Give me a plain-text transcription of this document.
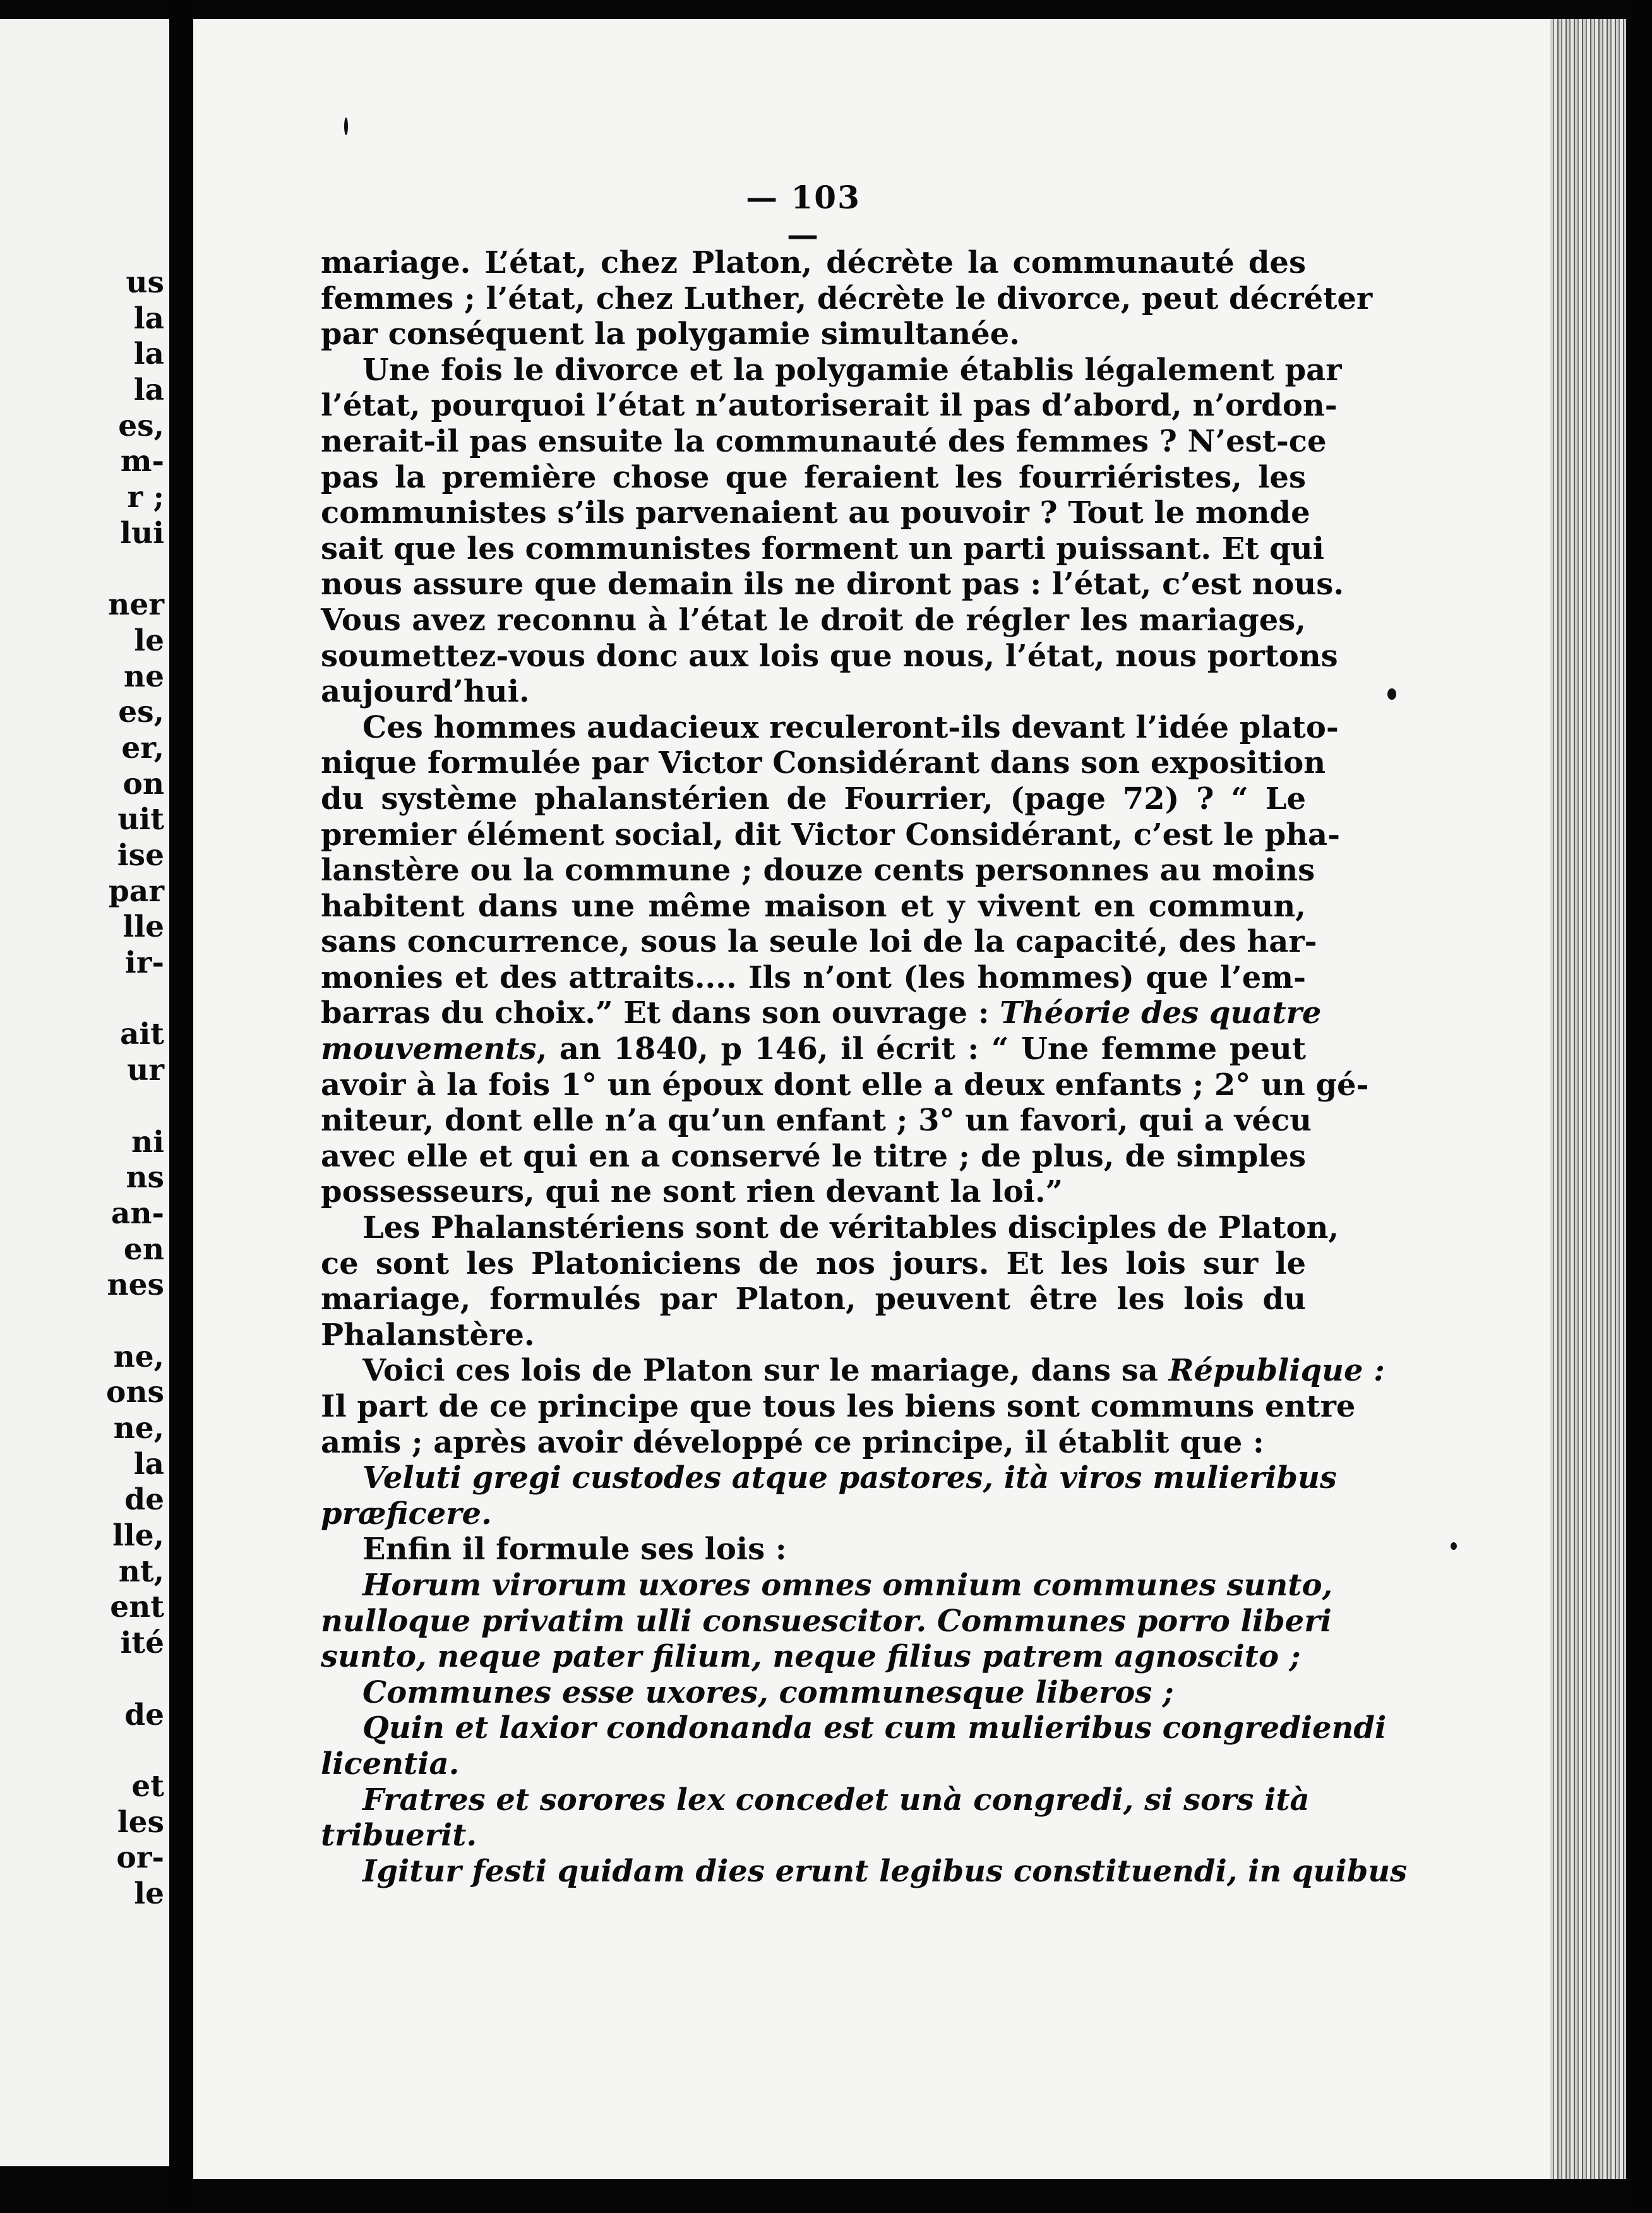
us
la
la
la
es,
m-
r ;
lui
ner
le
ne
es,
er,
on
uit
ise
par
lle
ir-
ait
ur
ni
ns
an-
en
nes
ne,
ons
ne,
la
de
lle,
nt,
ent
ité
de
et
les
or-
le
— 103 —
mariage. L’état, chez Platon, décrète la communauté des
femmes ; l’état, chez Luther, décrète le divorce, peut décréter
par conséquent la polygamie simultanée.
Une fois le divorce et la polygamie établis légalement par
l’état, pourquoi l’état n’autoriserait il pas d’abord, n’ordon-
nerait-il pas ensuite la communauté des femmes ? N’est-ce
pas la première chose que feraient les fourriéristes, les
communistes s’ils parvenaient au pouvoir ? Tout le monde
sait que les communistes forment un parti puissant. Et qui
nous assure que demain ils ne diront pas : l’état, c’est nous.
Vous avez reconnu à l’état le droit de régler les mariages,
soumettez-vous donc aux lois que nous, l’état, nous portons
aujourd’hui.
Ces hommes audacieux reculeront-ils devant l’idée plato-
nique formulée par Victor Considérant dans son exposition
du système phalanstérien de Fourrier, (page 72) ? “ Le
premier élément social, dit Victor Considérant, c’est le pha-
lanstère ou la commune ; douze cents personnes au moins
habitent dans une même maison et y vivent en commun,
sans concurrence, sous la seule loi de la capacité, des har-
monies et des attraits.... Ils n’ont (les hommes) que l’em-
barras du choix.” Et dans son ouvrage : Théorie des quatre
mouvements, an 1840, p 146, il écrit : “ Une femme peut
avoir à la fois 1° un époux dont elle a deux enfants ; 2° un gé-
niteur, dont elle n’a qu’un enfant ; 3° un favori, qui a vécu
avec elle et qui en a conservé le titre ; de plus, de simples
possesseurs, qui ne sont rien devant la loi.”
Les Phalanstériens sont de véritables disciples de Platon,
ce sont les Platoniciens de nos jours. Et les lois sur le
mariage, formulés par Platon, peuvent être les lois du
Phalanstère.
Voici ces lois de Platon sur le mariage, dans sa République :
Il part de ce principe que tous les biens sont communs entre
amis ; après avoir développé ce principe, il établit que :
Veluti gregi custodes atque pastores, ità viros mulieribus
præficere.
Enfin il formule ses lois :
Horum virorum uxores omnes omnium communes sunto,
nulloque privatim ulli consuescitor. Communes porro liberi
sunto, neque pater filium, neque filius patrem agnoscito ;
Communes esse uxores, communesque liberos ;
Quin et laxior condonanda est cum mulieribus congrediendi
licentia.
Fratres et sorores lex concedet unà congredi, si sors ità
tribuerit.
Igitur festi quidam dies erunt legibus constituendi, in quibus
